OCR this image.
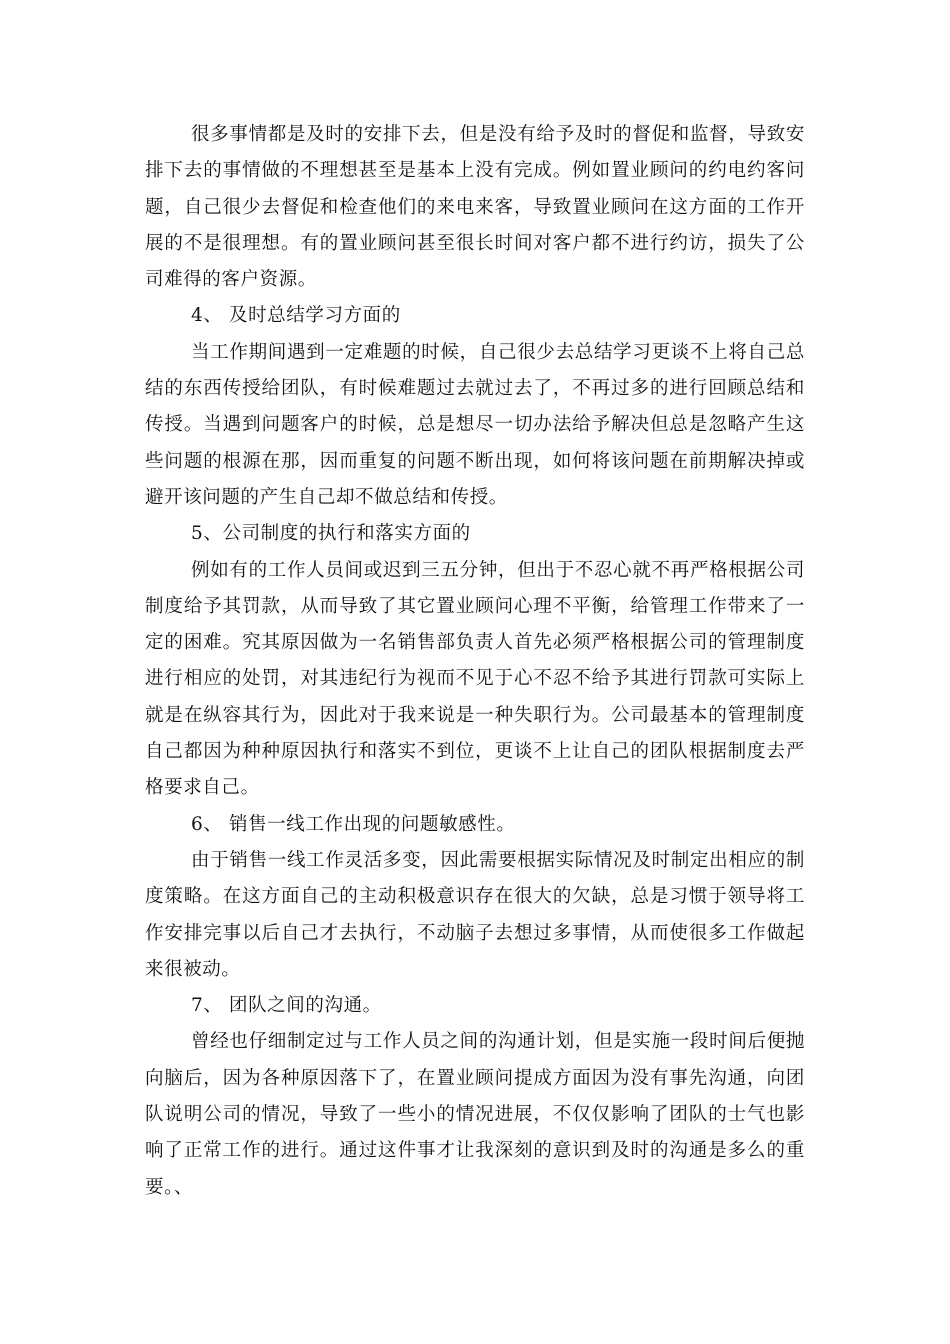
很多事情都是及时的安排下去，但是没有给予及时的督促和监督，导致安排下去的事情做的不理想甚至是基本上没有完成。例如置业顾问的约电约客问题，自己很少去督促和检查他们的来电来客，导致置业顾问在这方面的工作开展的不是很理想。有的置业顾问甚至很长时间对客户都不进行约访，损失了公司难得的客户资源。

4、 及时总结学习方面的

当工作期间遇到一定难题的时候，自己很少去总结学习更谈不上将自己总结的东西传授给团队，有时候难题过去就过去了，不再过多的进行回顾总结和传授。当遇到问题客户的时候，总是想尽一切办法给予解决但总是忽略产生这些问题的根源在那，因而重复的问题不断出现，如何将该问题在前期解决掉或避开该问题的产生自己却不做总结和传授。

5、公司制度的执行和落实方面的

例如有的工作人员间或迟到三五分钟，但出于不忍心就不再严格根据公司制度给予其罚款，从而导致了其它置业顾问心理不平衡，给管理工作带来了一定的困难。究其原因做为一名销售部负责人首先必须严格根据公司的管理制度进行相应的处罚，对其违纪行为视而不见于心不忍不给予其进行罚款可实际上就是在纵容其行为，因此对于我来说是一种失职行为。公司最基本的管理制度自己都因为种种原因执行和落实不到位，更谈不上让自己的团队根据制度去严格要求自己。

6、 销售一线工作出现的问题敏感性。

由于销售一线工作灵活多变，因此需要根据实际情况及时制定出相应的制度策略。在这方面自己的主动积极意识存在很大的欠缺，总是习惯于领导将工作安排完事以后自己才去执行，不动脑子去想过多事情，从而使很多工作做起来很被动。

7、 团队之间的沟通。

曾经也仔细制定过与工作人员之间的沟通计划，但是实施一段时间后便抛向脑后，因为各种原因落下了，在置业顾问提成方面因为没有事先沟通，向团队说明公司的情况，导致了一些小的情况进展，不仅仅影响了团队的士气也影响了正常工作的进行。通过这件事才让我深刻的意识到及时的沟通是多么的重要。、
